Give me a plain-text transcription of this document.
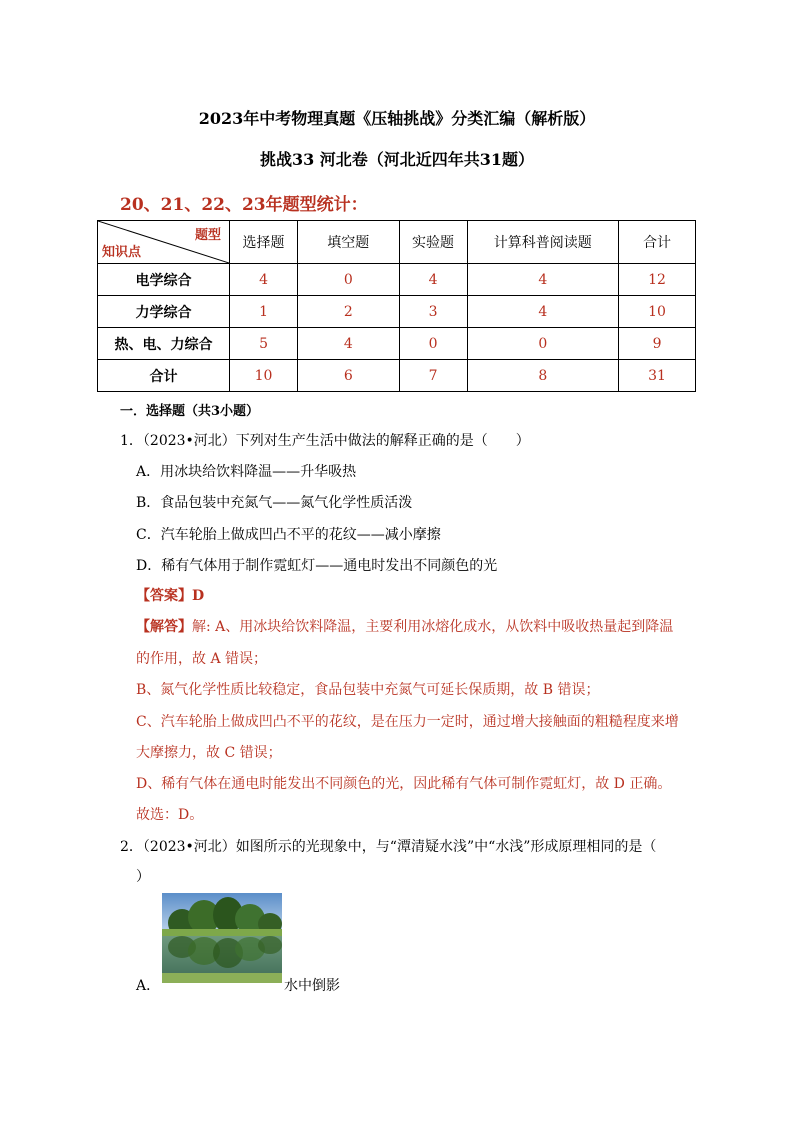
2023年中考物理真题《压轴挑战》分类汇编（解析版）
挑战33 河北卷（河北近四年共31题）
20、21、22、23年题型统计：
题型
知识点	选择题	填空题	实验题	计算科普阅读题	合计
电学综合	4	0	4	4	12
力学综合	1	2	3	4	10
热、电、力综合	5	4	0	0	9
合计	10	6	7	8	31
一．选择题（共3小题）
1．（2023•河北）下列对生产生活中做法的解释正确的是（　　）
A．用冰块给饮料降温——升华吸热
B．食品包装中充氮气——氮气化学性质活泼
C．汽车轮胎上做成凹凸不平的花纹——减小摩擦
D．稀有气体用于制作霓虹灯——通电时发出不同颜色的光
【答案】D
【解答】解: A、用冰块给饮料降温，主要利用冰熔化成水，从饮料中吸收热量起到降温
的作用，故 A 错误；
B、氮气化学性质比较稳定，食品包装中充氮气可延长保质期，故 B 错误；
C、汽车轮胎上做成凹凸不平的花纹，是在压力一定时，通过增大接触面的粗糙程度来增
大摩擦力，故 C 错误；
D、稀有气体在通电时能发出不同颜色的光，因此稀有气体可制作霓虹灯，故 D 正确。
故选：D。
2．（2023•河北）如图所示的光现象中，与“潭清疑水浅”中“水浅”形成原理相同的是（
）
A．	水中倒影
